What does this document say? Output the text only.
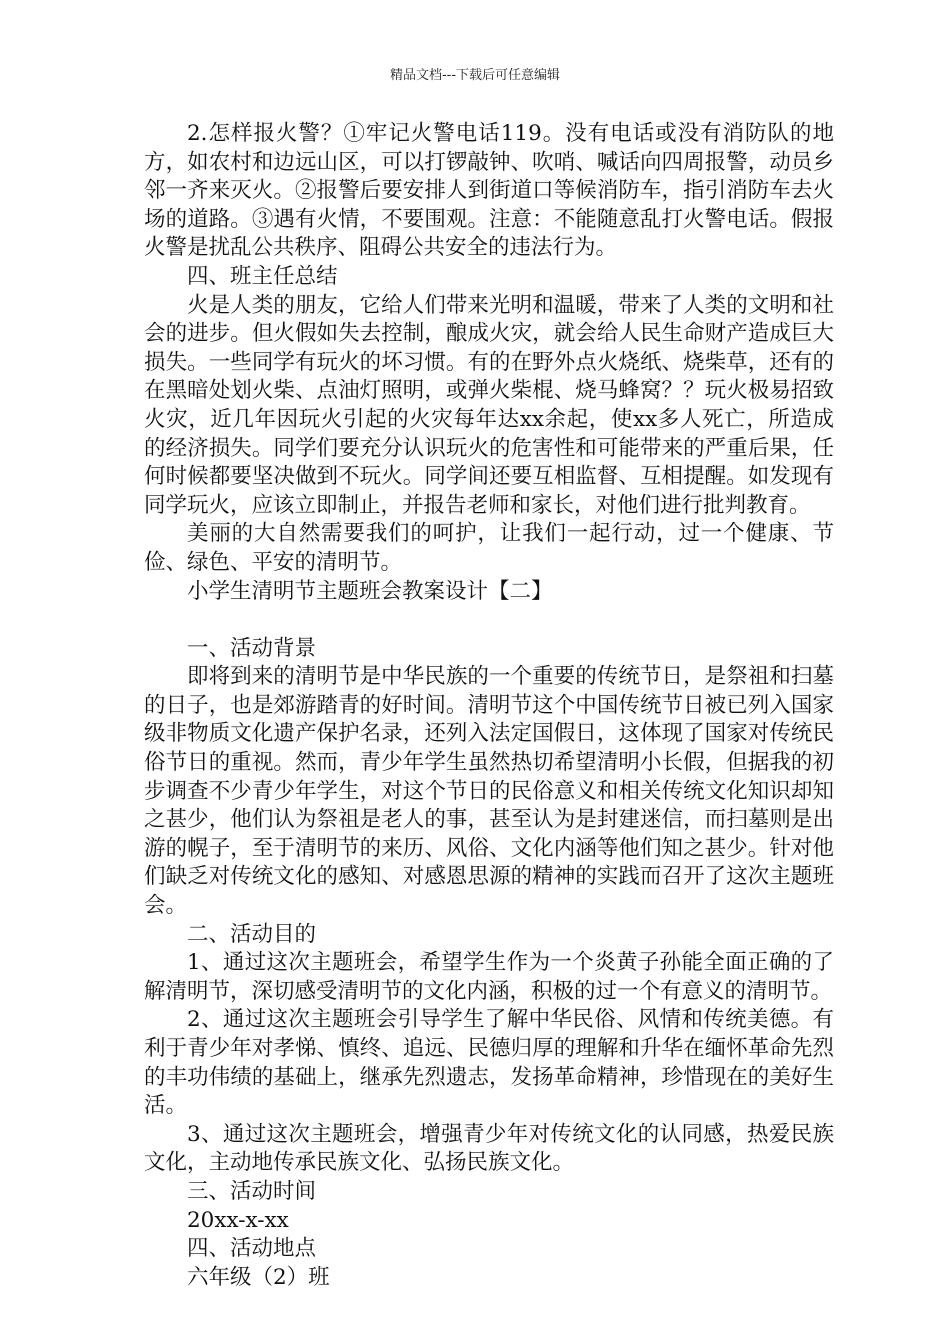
精品文档---下载后可任意编辑

2.怎样报火警？①牢记火警电话119。没有电话或没有消防队的地方，如农村和边远山区，可以打锣敲钟、吹哨、喊话向四周报警，动员乡邻一齐来灭火。②报警后要安排人到街道口等候消防车，指引消防车去火场的道路。③遇有火情，不要围观。注意：不能随意乱打火警电话。假报火警是扰乱公共秩序、阻碍公共安全的违法行为。

四、班主任总结

火是人类的朋友，它给人们带来光明和温暖，带来了人类的文明和社会的进步。但火假如失去控制，酿成火灾，就会给人民生命财产造成巨大损失。一些同学有玩火的坏习惯。有的在野外点火烧纸、烧柴草，还有的在黑暗处划火柴、点油灯照明，或弹火柴棍、烧马蜂窝？？玩火极易招致火灾，近几年因玩火引起的火灾每年达xx余起，使xx多人死亡，所造成的经济损失。同学们要充分认识玩火的危害性和可能带来的严重后果，任何时候都要坚决做到不玩火。同学间还要互相监督、互相提醒。如发现有同学玩火，应该立即制止，并报告老师和家长，对他们进行批判教育。

美丽的大自然需要我们的呵护，让我们一起行动，过一个健康、节俭、绿色、平安的清明节。

小学生清明节主题班会教案设计【二】

一、活动背景

即将到来的清明节是中华民族的一个重要的传统节日，是祭祖和扫墓的日子，也是郊游踏青的好时间。清明节这个中国传统节日被已列入国家级非物质文化遗产保护名录，还列入法定国假日，这体现了国家对传统民俗节日的重视。然而，青少年学生虽然热切希望清明小长假，但据我的初步调查不少青少年学生，对这个节日的民俗意义和相关传统文化知识却知之甚少，他们认为祭祖是老人的事，甚至认为是封建迷信，而扫墓则是出游的幌子，至于清明节的来历、风俗、文化内涵等他们知之甚少。针对他们缺乏对传统文化的感知、对感恩思源的精神的实践而召开了这次主题班会。

二、活动目的

1、通过这次主题班会，希望学生作为一个炎黄子孙能全面正确的了解清明节，深切感受清明节的文化内涵，积极的过一个有意义的清明节。

2、通过这次主题班会引导学生了解中华民俗、风情和传统美德。有利于青少年对孝悌、慎终、追远、民德归厚的理解和升华在缅怀革命先烈的丰功伟绩的基础上，继承先烈遗志，发扬革命精神，珍惜现在的美好生活。

3、通过这次主题班会，增强青少年对传统文化的认同感，热爱民族文化，主动地传承民族文化、弘扬民族文化。

三、活动时间

20xx-x-xx

四、活动地点

六年级（2）班
